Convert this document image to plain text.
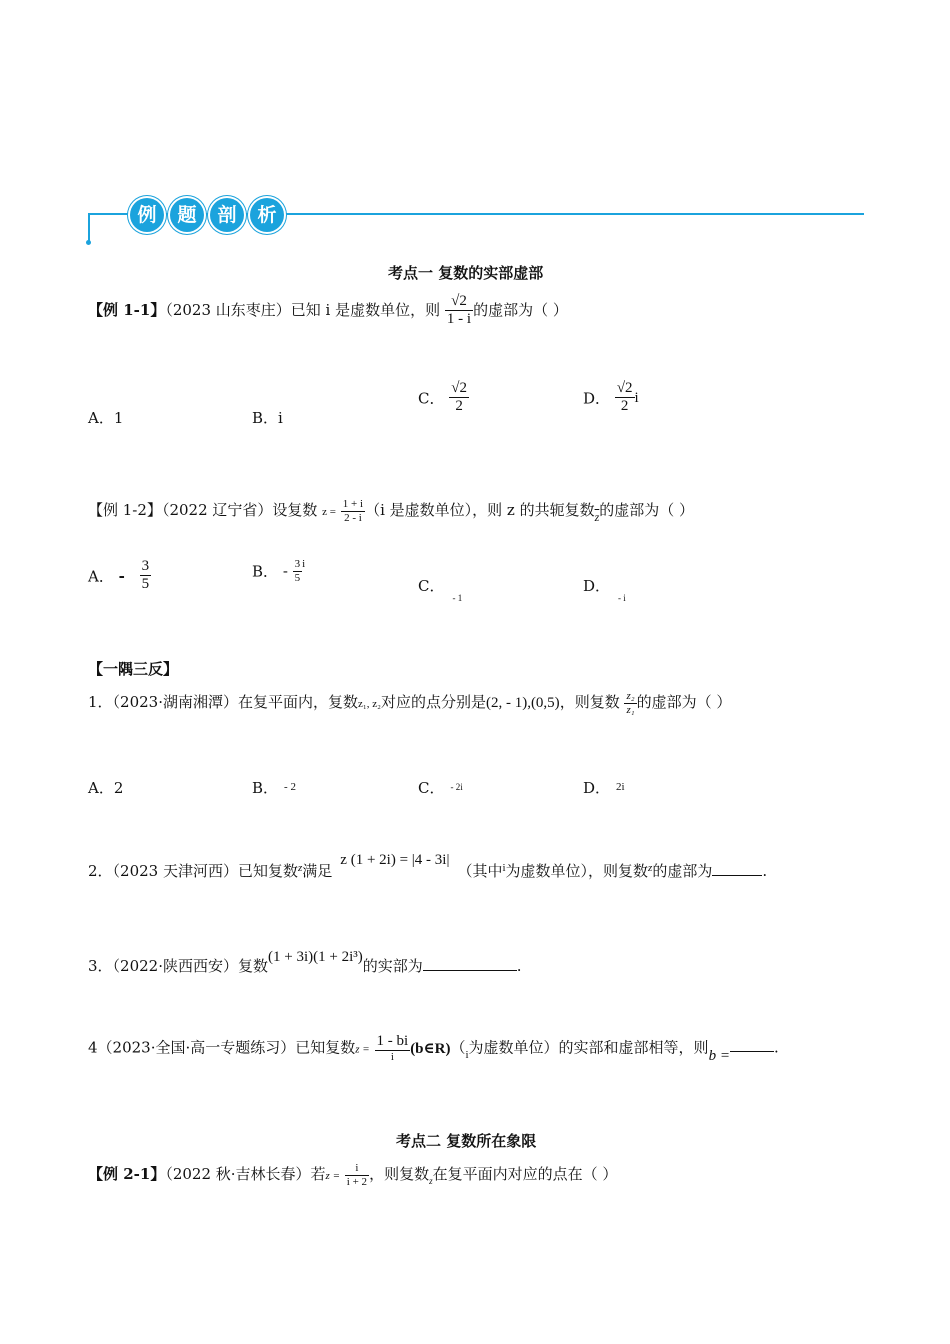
例	题	剖	析
考点一 复数的实部虚部
【例 1-1】（2023 山东枣庄）已知 i 是虚数单位，则 $\frac{√2}{1 - i}$ 的虚部为（ ）
A．1	B．i
C． $\frac{√2}{2}$	D． $\frac{√2}{2}$ i
【例 1-2】（2022 辽宁省）设复数 $z = \frac{1 + i}{2 - i} (i$ 是虚数单位），则 z 的共轭复数$_{\overline{z}}$的虚部为（ ）
A． - $\frac{3}{5}$	B． - $\frac{3}{5} ^i$
C．$_{- 1}$
D．$_{- i}$
【一隅三反】
1．（2023·湖南湘潭）在复平面内，复数z₁, z₂对应的点分别是(2, - 1),(0,5)，则复数 $\frac{\text{z₂}}{\text{z₁}}$ 的虚部为（ ）
A．2	B． $^{- 2}$	C． $^{- 2i}$	D． $^{2i}$
2．（2023 天津河西）已知复数$^z$满足z (1 + 2i) = |4 - 3i|（其中$^i$为虚数单位），则复数$^z$的虚部为	.
3．（2022·陕西西安）复数(1 + 3i)(1 + 2i³)的实部为	.
4（2023·全国·高一专题练习）已知复数$z = \frac{1 - bi}{i}$ $(b\in R)(_i$为虚数单位）的实部和虚部相等，则b =	.
考点二 复数所在象限
【例 2-1】（2022 秋·吉林长春）若$z = \frac{i}{i + 2}$ ，则复数$_z$在复平面内对应的点在（ ）
